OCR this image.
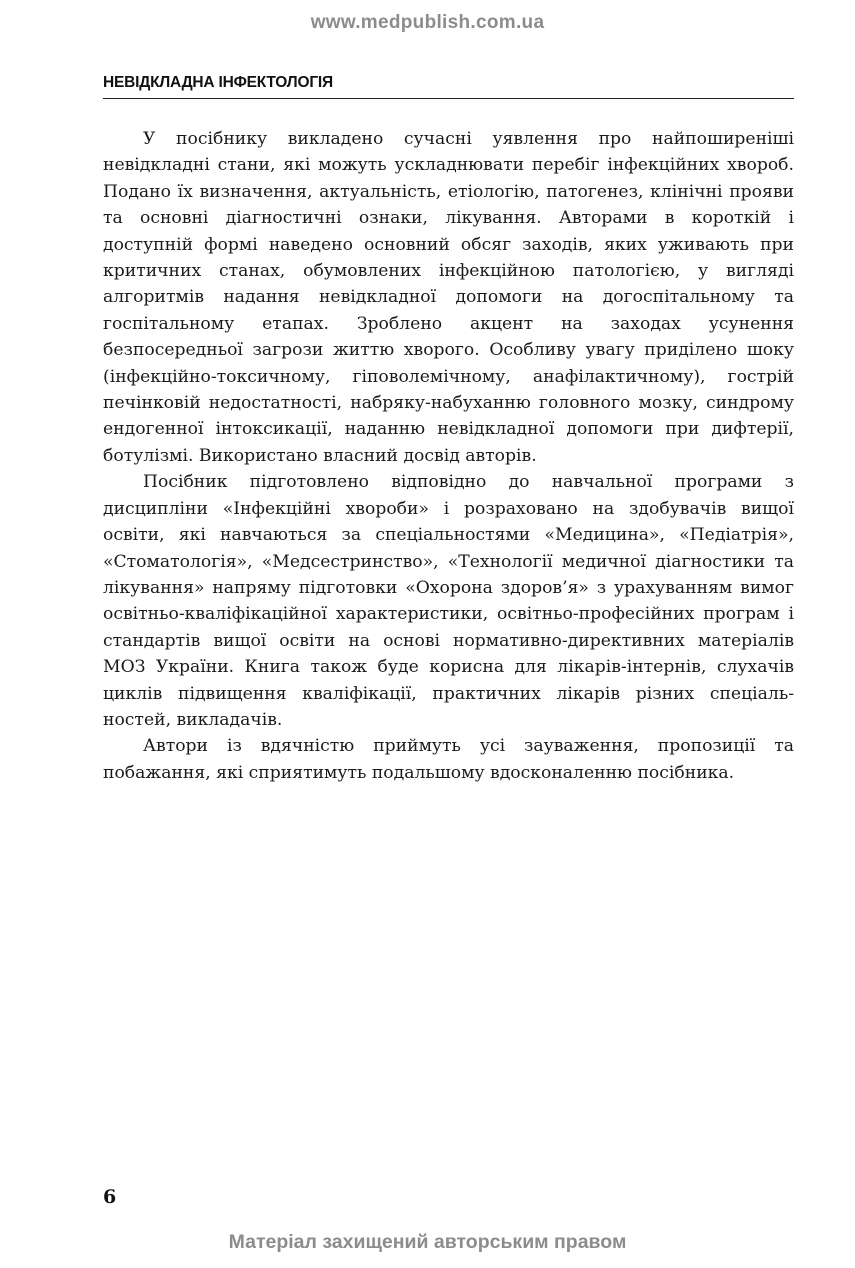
www.medpublish.com.ua
НЕВІДКЛАДНА ІНФЕКТОЛОГІЯ

У посібнику викладено сучасні уявлення про найпоширеніші невідкладні стани, які можуть ускладнювати перебіг інфекційних хвороб. Подано їх визначення, актуальність, етіологію, патогенез, клінічні прояви та основні діагностичні ознаки, лікування. Авторами в короткій і доступній формі наведено основний обсяг заходів, яких уживають при критичних станах, обумовлених інфекційною патологією, у вигляді алгоритмів надання невідкладної допомоги на догоспітальному та госпітальному етапах. Зроблено акцент на заходах усунення безпосередньої загрози життю хворого. Особливу увагу приділено шоку (інфекційно-токсичному, гіповолемічному, анафілактичному), гострій печінковій недостатності, набряку-набуханню головного мозку, синдрому ендогенної інтоксикації, наданню невідкладної допомоги при дифтерії, ботулізмі. Використано власний досвід авторів.

Посібник підготовлено відповідно до навчальної програми з дисципліни «Інфекційні хвороби» і розраховано на здобувачів вищої освіти, які навчаються за спеціальностями «Медицина», «Педіатрія», «Стоматологія», «Медсестринство», «Технології медичної діагностики та лікування» напряму підготовки «Охорона здоров’я» з урахуванням вимог освітньо-кваліфікаційної характеристики, освітньо-професійних програм і стандартів вищої освіти на основі нормативно-директивних матеріалів МОЗ України. Книга також буде корисна для лікарів-інтернів, слухачів циклів підвищення кваліфікації, практичних лікарів різних спеціальностей, викладачів.

Автори із вдячністю приймуть усі зауваження, пропозиції та побажання, які сприятимуть подальшому вдосконаленню посібника.

6
Матеріал захищений авторським правом
